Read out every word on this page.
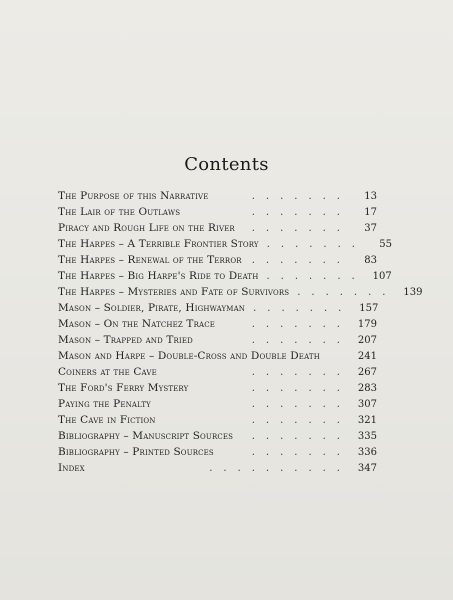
Contents
The Purpose of this Narrative	.......	13
The Lair of the Outlaws	.......	17
Piracy and Rough Life on the River	.......	37
The Harpes – A Terrible Frontier Story .......	55
The Harpes – Renewal of the Terror	.......	83
The Harpes – Big Harpe's Ride to Death ....... 107
The Harpes – Mysteries and Fate of Survivors ....... 139
Mason – Soldier, Pirate, Highwayman ....... 157
Mason – On the Natchez Trace	....... 179
Mason – Trapped and Tried	....... 207
Mason and Harpe – Double-Cross and Double Death	241
Coiners at the Cave	....... 267
The Ford's Ferry Mystery	....... 283
Paying the Penalty	....... 307
The Cave in Fiction	....... 321
Bibliography – Manuscript Sources	....... 335
Bibliography – Printed Sources	....... 336
Index	.......... 347
